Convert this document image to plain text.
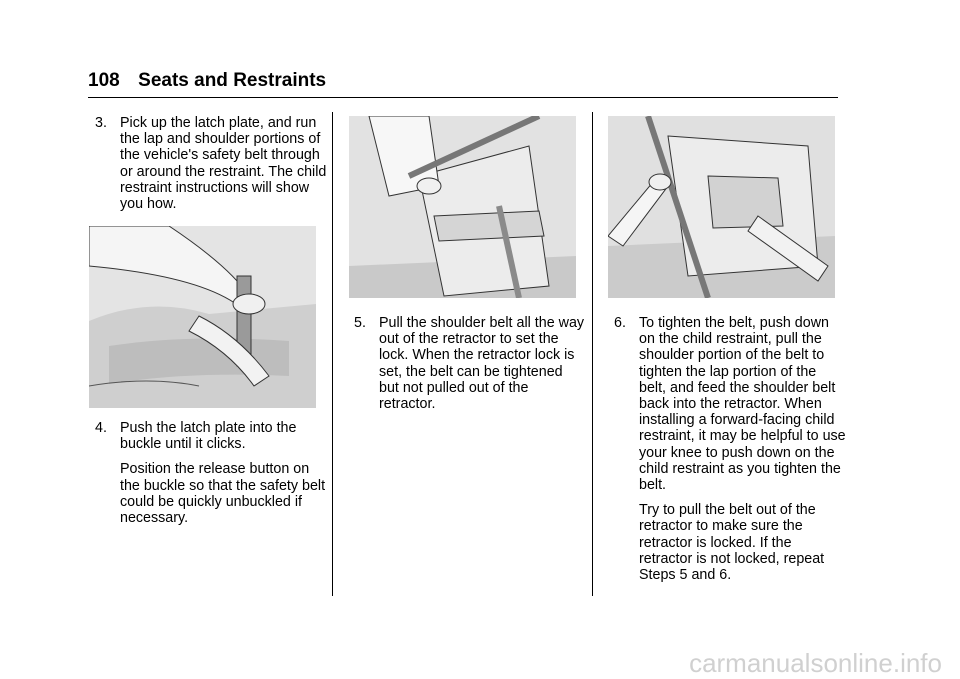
108 Seats and Restraints
3. Pick up the latch plate, and run the lap and shoulder portions of the vehicle's safety belt through or around the restraint. The child restraint instructions will show you how.
4. Push the latch plate into the buckle until it clicks.
Position the release button on the buckle so that the safety belt could be quickly unbuckled if necessary.
5. Pull the shoulder belt all the way out of the retractor to set the lock. When the retractor lock is set, the belt can be tightened but not pulled out of the retractor.
6. To tighten the belt, push down on the child restraint, pull the shoulder portion of the belt to tighten the lap portion of the belt, and feed the shoulder belt back into the retractor. When installing a forward-facing child restraint, it may be helpful to use your knee to push down on the child restraint as you tighten the belt.
Try to pull the belt out of the retractor to make sure the retractor is locked. If the retractor is not locked, repeat Steps 5 and 6.
carmanualsonline.info
